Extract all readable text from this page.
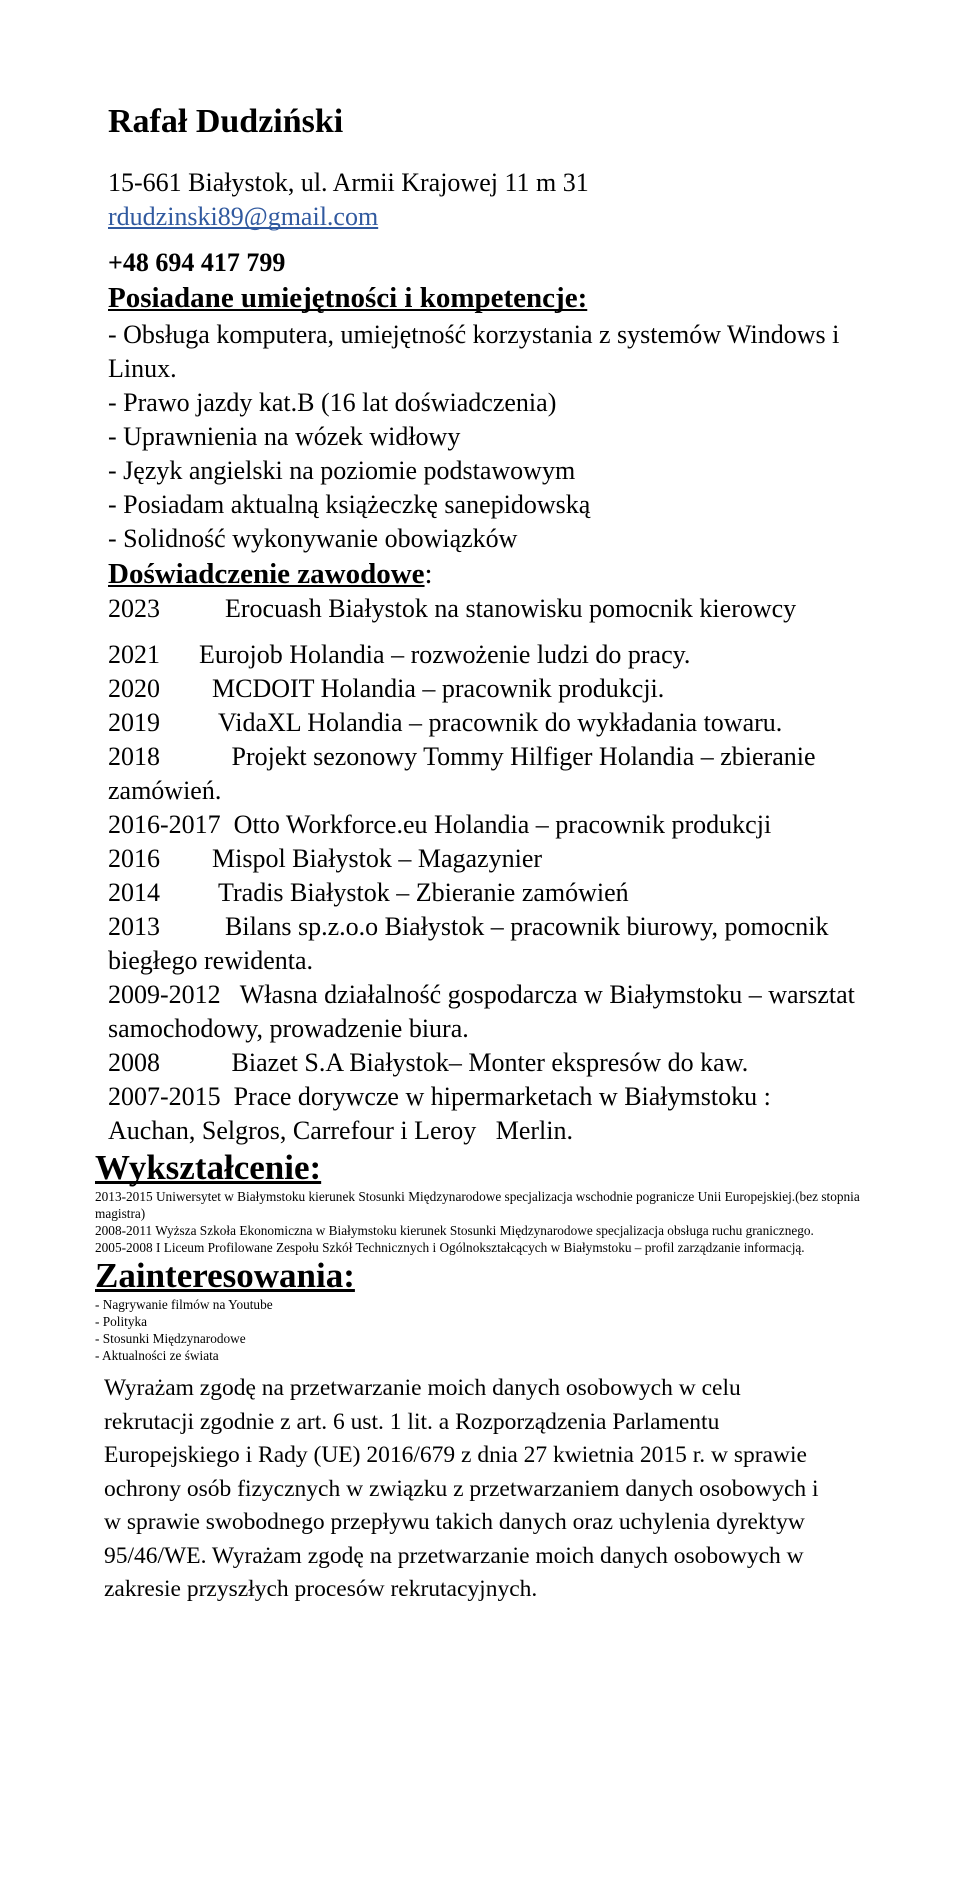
Rafał Dudziński

15-661 Białystok, ul. Armii Krajowej 11 m 31

rdudzinski89@gmail.com

+48 694 417 799

Posiadane umiejętności i kompetencje:

- Obsługa komputera, umiejętność korzystania z systemów Windows i Linux.

- Prawo jazdy kat.B (16 lat doświadczenia)

- Uprawnienia na wózek widłowy

- Język angielski na poziomie podstawowym

- Posiadam aktualną książeczkę sanepidowską

- Solidność wykonywanie obowiązków

Doświadczenie zawodowe:

2023          Erocuash Białystok na stanowisku pomocnik kierowcy

2021      Eurojob Holandia – rozwożenie ludzi do pracy.

2020        MCDOIT Holandia – pracownik produkcji.

2019         VidaXL Holandia – pracownik do wykładania towaru.

2018           Projekt sezonowy Tommy Hilfiger Holandia – zbieranie zamówień.

2016-2017  Otto Workforce.eu Holandia – pracownik produkcji

2016        Mispol Białystok – Magazynier

2014         Tradis Białystok – Zbieranie zamówień

2013          Bilans sp.z.o.o Białystok – pracownik biurowy, pomocnik biegłego rewidenta.

2009-2012   Własna działalność gospodarcza w Białymstoku – warsztat samochodowy, prowadzenie biura.

2008           Biazet S.A Białystok– Monter ekspresów do kaw.

2007-2015  Prace dorywcze w hipermarketach w Białymstoku : Auchan, Selgros, Carrefour i Leroy   Merlin.

Wykształcenie:

2013-2015 Uniwersytet w Białymstoku kierunek Stosunki Międzynarodowe specjalizacja wschodnie pogranicze Unii Europejskiej.(bez stopnia magistra)

2008-2011 Wyższa Szkoła Ekonomiczna w Białymstoku kierunek Stosunki Międzynarodowe specjalizacja obsługa ruchu granicznego.

2005-2008 I Liceum Profilowane Zespołu Szkół Technicznych i Ogólnokształcących w Białymstoku – profil zarządzanie informacją.

Zainteresowania:

- Nagrywanie filmów na Youtube

- Polityka

- Stosunki Międzynarodowe

- Aktualności ze świata

Wyrażam zgodę na przetwarzanie moich danych osobowych w celu rekrutacji zgodnie z art. 6 ust. 1 lit. a Rozporządzenia Parlamentu Europejskiego i Rady (UE) 2016/679 z dnia 27 kwietnia 2015 r. w sprawie ochrony osób fizycznych w związku z przetwarzaniem danych osobowych i w sprawie swobodnego przepływu takich danych oraz uchylenia dyrektyw 95/46/WE. Wyrażam zgodę na przetwarzanie moich danych osobowych w zakresie przyszłych procesów rekrutacyjnych.
